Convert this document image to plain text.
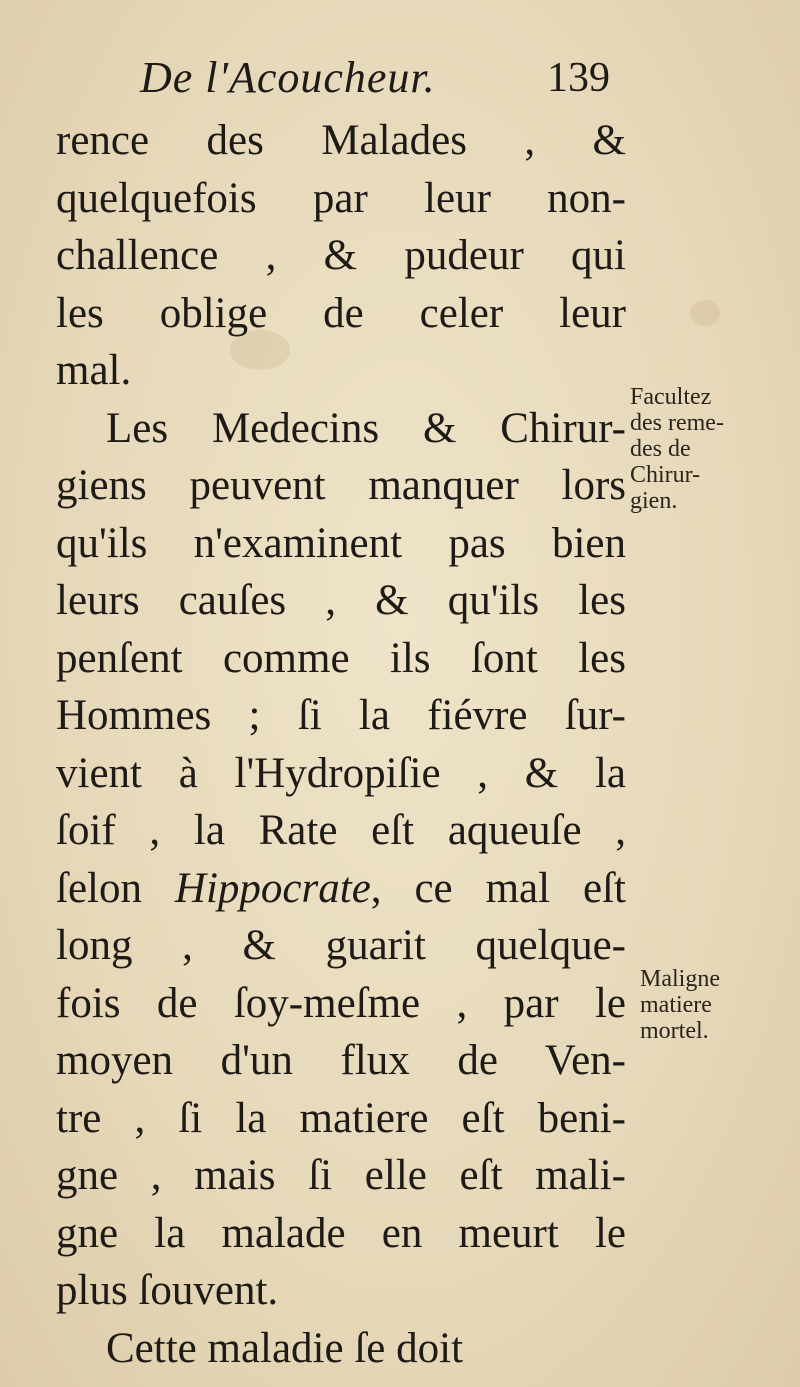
De l'Acoucheur.	139
rence des Malades , &
quelquefois par leur non-
challence , & pudeur qui
les oblige de celer leur
mal.
Les Medecins & Chirur-
giens peuvent manquer lors
qu'ils n'examinent pas bien
leurs cauſes , & qu'ils les
penſent comme ils ſont les
Hommes ; ſi la fiévre ſur-
vient à l'Hydropiſie , & la
ſoif , la Rate eſt aqueuſe ,
ſelon Hippocrate, ce mal eſt
long , & guarit quelque-
fois de ſoy-meſme , par le
moyen d'un flux de Ven-
tre , ſi la matiere eſt beni-
gne , mais ſi elle eſt mali-
gne la malade en meurt le
plus ſouvent.
Cette maladie ſe doit
Facultez
des reme-
des de
Chirur-
gien.
Maligne
matiere
mortel.
